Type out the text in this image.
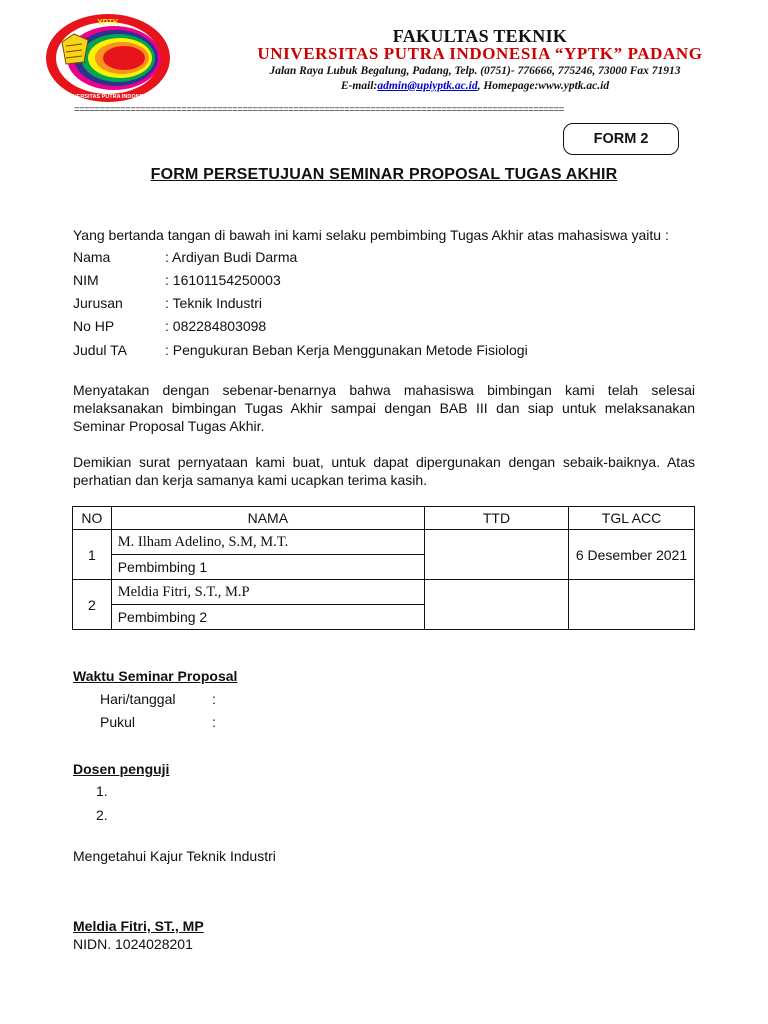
YPTK
UNIVERSITAS PUTRA INDONESIA
FAKULTAS TEKNIK
UNIVERSITAS PUTRA INDONESIA “YPTK” PADANG
Jalan Raya Lubuk Begalung, Padang, Telp. (0751)- 776666, 775246, 73000 Fax 71913
E-mail:admin@upiyptk.ac.id, Homepage:www.yptk.ac.id
================================================================================================
FORM 2
FORM PERSETUJUAN SEMINAR PROPOSAL TUGAS AKHIR
Yang bertanda tangan di bawah ini kami selaku pembimbing Tugas Akhir atas mahasiswa yaitu :
Nama	: Ardiyan Budi Darma
NIM	: 16101154250003
Jurusan	: Teknik Industri
No HP	: 082284803098
Judul TA	: Pengukuran Beban Kerja Menggunakan Metode Fisiologi
Menyatakan dengan sebenar-benarnya bahwa mahasiswa bimbingan kami telah selesai melaksanakan bimbingan Tugas Akhir sampai dengan BAB III dan siap untuk melaksanakan Seminar Proposal Tugas Akhir.
Demikian surat pernyataan kami buat, untuk dapat dipergunakan dengan sebaik-baiknya. Atas perhatian dan kerja samanya kami ucapkan terima kasih.
NO	NAMA	TTD	TGL ACC
1	M. Ilham Adelino, S.M, M.T.		6 Desember 2021
	Pembimbing 1		
2	Meldia Fitri, S.T., M.P		
	Pembimbing 2		
Waktu Seminar Proposal
Hari/tanggal	:
Pukul	:
Dosen penguji
1.
2.
Mengetahui Kajur Teknik Industri
Meldia Fitri, ST., MP
NIDN. 1024028201
